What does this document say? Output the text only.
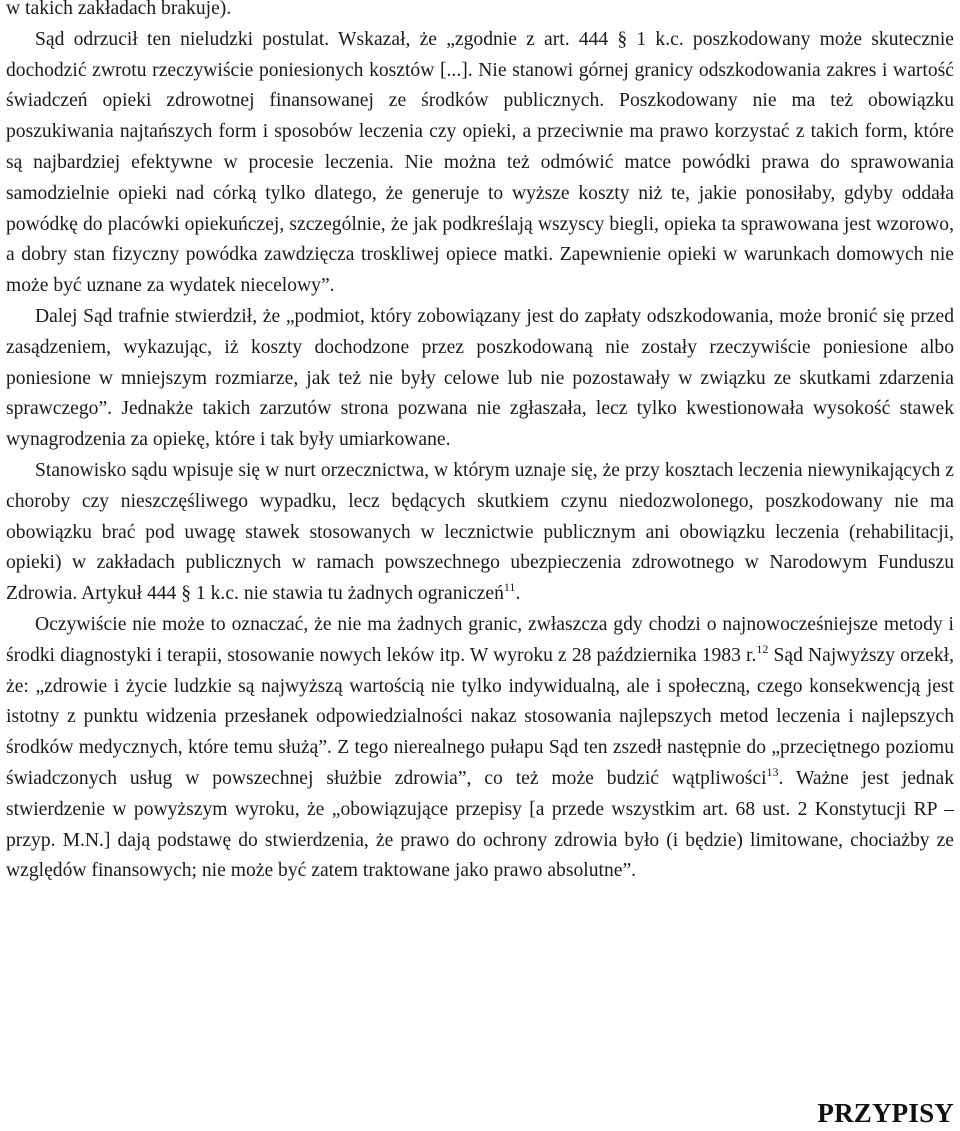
w takich zakładach brakuje).

Sąd odrzucił ten nieludzki postulat. Wskazał, że „zgodnie z art. 444 § 1 k.c. poszkodowany może skutecznie dochodzić zwrotu rzeczywiście poniesionych kosztów [...]. Nie stanowi górnej granicy odszkodowania zakres i wartość świadczeń opieki zdrowotnej finansowanej ze środków publicznych. Poszkodowany nie ma też obowiązku poszukiwania najtańszych form i sposobów leczenia czy opieki, a przeciwnie ma prawo korzystać z takich form, które są najbardziej efektywne w procesie leczenia. Nie można też odmówić matce powódki prawa do sprawowania samodzielnie opieki nad córką tylko dlatego, że generuje to wyższe koszty niż te, jakie ponosiłaby, gdyby oddała powódkę do placówki opiekuńczej, szczególnie, że jak podkreślają wszyscy biegli, opieka ta sprawowana jest wzorowo, a dobry stan fizyczny powódka zawdzięcza troskliwej opiece matki. Zapewnienie opieki w warunkach domowych nie może być uznane za wydatek niecelowy”.

Dalej Sąd trafnie stwierdził, że „podmiot, który zobowiązany jest do zapłaty odszkodowania, może bronić się przed zasądzeniem, wykazując, iż koszty dochodzone przez poszkodowaną nie zostały rzeczywiście poniesione albo poniesione w mniejszym rozmiarze, jak też nie były celowe lub nie pozostawały w związku ze skutkami zdarzenia sprawczego”. Jednakże takich zarzutów strona pozwana nie zgłaszała, lecz tylko kwestionowała wysokość stawek wynagrodzenia za opiekę, które i tak były umiarkowane.

Stanowisko sądu wpisuje się w nurt orzecznictwa, w którym uznaje się, że przy kosztach leczenia niewynikających z choroby czy nieszczęśliwego wypadku, lecz będących skutkiem czynu niedozwolonego, poszkodowany nie ma obowiązku brać pod uwagę stawek stosowanych w lecznictwie publicznym ani obowiązku leczenia (rehabilitacji, opieki) w zakładach publicznych w ramach powszechnego ubezpieczenia zdrowotnego w Narodowym Funduszu Zdrowia. Artykuł 444 § 1 k.c. nie stawia tu żadnych ograniczeń$^{11}$.

Oczywiście nie może to oznaczać, że nie ma żadnych granic, zwłaszcza gdy chodzi o najnowocześniejsze metody i środki diagnostyki i terapii, stosowanie nowych leków itp. W wyroku z 28 października 1983 r.$^{12}$ Sąd Najwyższy orzekł, że: „zdrowie i życie ludzkie są najwyższą wartością nie tylko indywidualną, ale i społeczną, czego konsekwencją jest istotny z punktu widzenia przesłanek odpowiedzialności nakaz stosowania najlepszych metod leczenia i najlepszych środków medycznych, które temu służą”. Z tego nierealnego pułapu Sąd ten zszedł następnie do „przeciętnego poziomu świadczonych usług w powszechnej służbie zdrowia”, co też może budzić wątpliwości$^{13}$. Ważne jest jednak stwierdzenie w powyższym wyroku, że „obowiązujące przepisy [a przede wszystkim art. 68 ust. 2 Konstytucji RP – przyp. M.N.] dają podstawę do stwierdzenia, że prawo do ochrony zdrowia było (i będzie) limitowane, chociażby ze względów finansowych; nie może być zatem traktowane jako prawo absolutne”.

PRZYPISY
